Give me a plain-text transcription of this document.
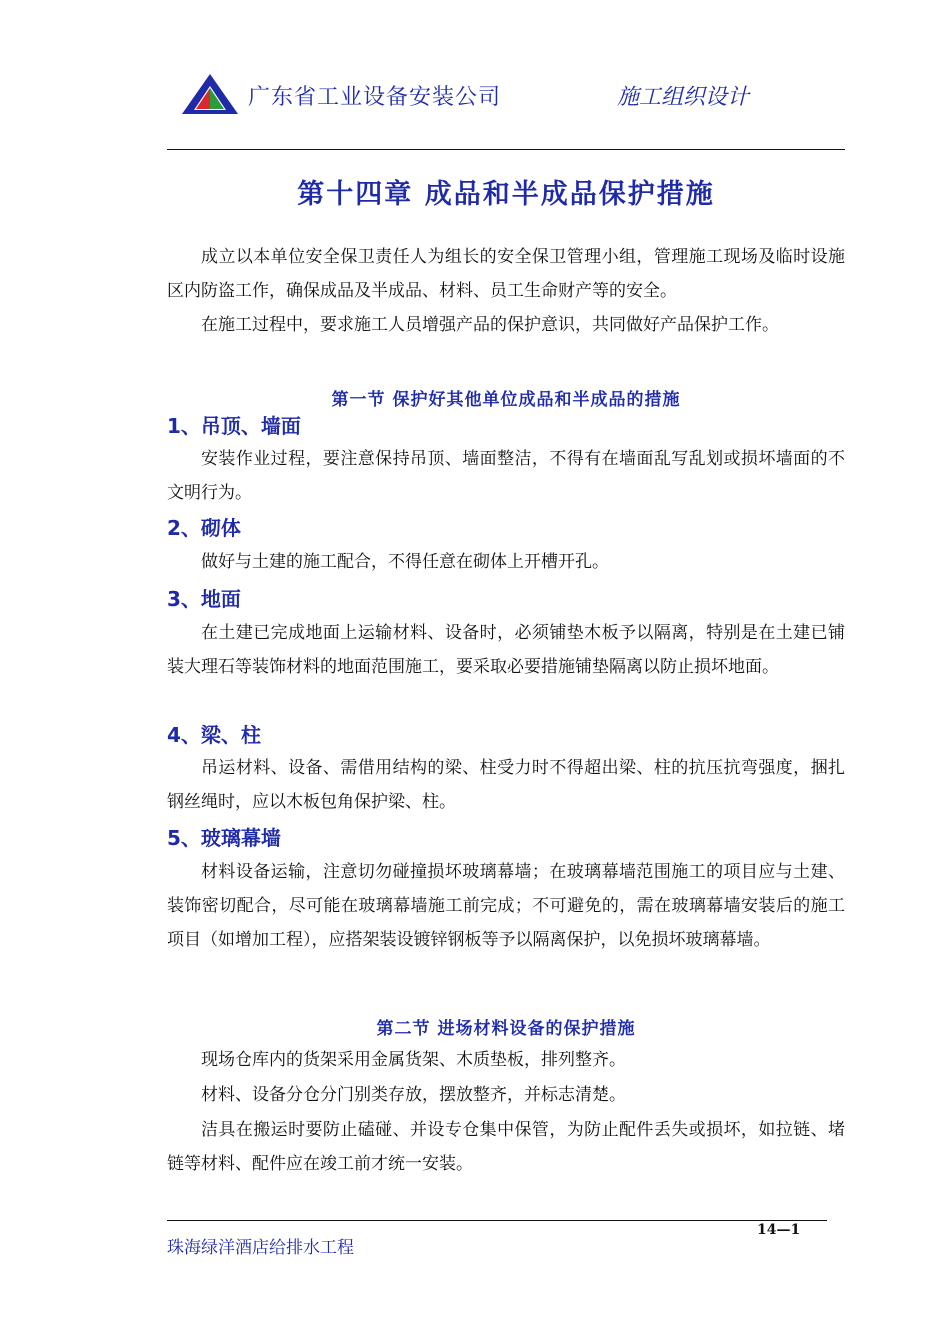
广东省工业设备安装公司	施工组织设计
第十四章 成品和半成品保护措施
成立以本单位安全保卫责任人为组长的安全保卫管理小组，管理施工现场及临时设施区内防盗工作，确保成品及半成品、材料、员工生命财产等的安全。
在施工过程中，要求施工人员增强产品的保护意识，共同做好产品保护工作。
第一节 保护好其他单位成品和半成品的措施
1、吊顶、墙面
安装作业过程，要注意保持吊顶、墙面整洁，不得有在墙面乱写乱划或损坏墙面的不文明行为。
2、砌体
做好与土建的施工配合，不得任意在砌体上开槽开孔。
3、地面
在土建已完成地面上运输材料、设备时，必须铺垫木板予以隔离，特别是在土建已铺装大理石等装饰材料的地面范围施工，要采取必要措施铺垫隔离以防止损坏地面。
4、梁、柱
吊运材料、设备、需借用结构的梁、柱受力时不得超出梁、柱的抗压抗弯强度，捆扎钢丝绳时，应以木板包角保护梁、柱。
5、玻璃幕墙
材料设备运输，注意切勿碰撞损坏玻璃幕墙；在玻璃幕墙范围施工的项目应与土建、装饰密切配合，尽可能在玻璃幕墙施工前完成；不可避免的，需在玻璃幕墙安装后的施工项目（如增加工程），应搭架装设镀锌钢板等予以隔离保护，以免损坏玻璃幕墙。
第二节 进场材料设备的保护措施
现场仓库内的货架采用金属货架、木质垫板，排列整齐。
材料、设备分仓分门别类存放，摆放整齐，并标志清楚。
洁具在搬运时要防止磕碰、并设专仓集中保管，为防止配件丢失或损坏，如拉链、堵链等材料、配件应在竣工前才统一安装。
14—1
珠海绿洋酒店给排水工程
